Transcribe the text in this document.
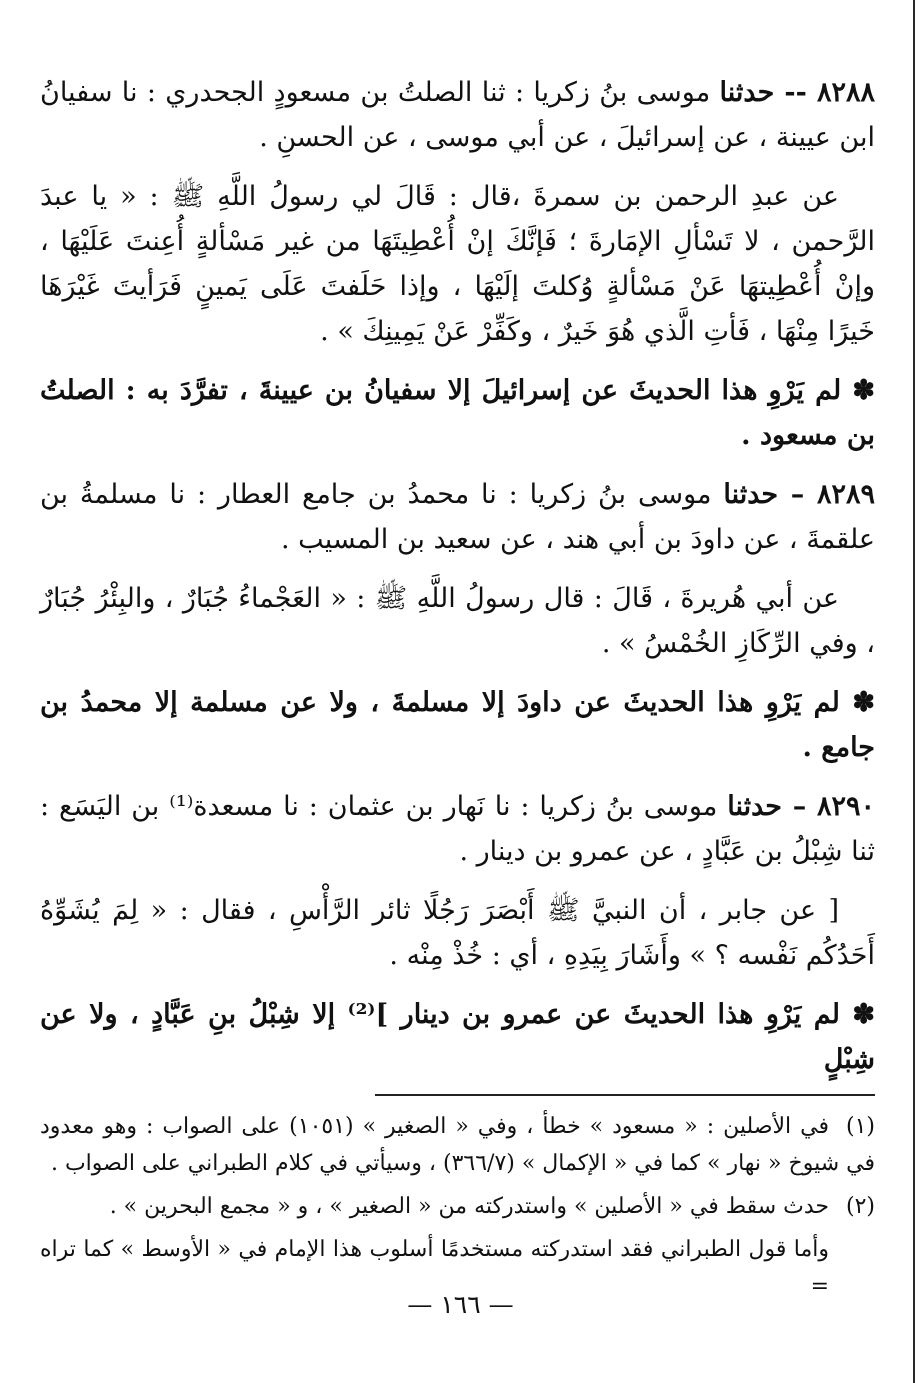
٨٢٨٨ -- حدثنا موسى بنُ زكريا : ثنا الصلتُ بن مسعودٍ الجحدري : نا سفيانُ ابن عيينة ، عن إسرائيلَ ، عن أبي موسى ، عن الحسنِ .

عن عبدِ الرحمن بن سمرةَ ،قال : قَالَ لي رسولُ اللَّهِ ﷺ : « يا عبدَ الرَّحمن ، لا تَسْألِ الإمَارةَ ؛ فَإنَّكَ إنْ أُعْطِيتَهَا من غير مَسْألةٍ أُعِنتَ عَلَيْهَا ، وإنْ أُعْطِيتهَا عَنْ مَسْألةٍ وُكلتَ إلَيْهَا ، وإذا حَلَفتَ عَلَى يَمينٍ فَرَأيتَ غَيْرَهَا خَيرًا مِنْهَا ، فَأتِ الَّذي هُوَ خَيرٌ ، وكَفِّرْ عَنْ يَمِينِكَ » .

✽ لم يَرْوِ هذا الحديثَ عن إسرائيلَ إلا سفيانُ بن عيينةَ ، تفرَّدَ به : الصلتُ بن مسعود .

٨٢٨٩ – حدثنا موسى بنُ زكريا : نا محمدُ بن جامع العطار : نا مسلمةُ بن علقمةَ ، عن داودَ بن أبي هند ، عن سعيد بن المسيب .

عن أبي هُريرةَ ، قَالَ : قال رسولُ اللَّهِ ﷺ : « العَجْماءُ جُبَارٌ ، والبِئْرُ جُبَارٌ ، وفي الرِّكَازِ الخُمْسُ » .

✽ لم يَرْوِ هذا الحديثَ عن داودَ إلا مسلمةَ ، ولا عن مسلمة إلا محمدُ بن جامع .

٨٢٩٠ – حدثنا موسى بنُ زكريا : نا نَهار بن عثمان : نا مسعدة⁽¹⁾ بن اليَسَع : ثنا شِبْلُ بن عَبَّادٍ ، عن عمرو بن دينار .

[ عن جابر ، أن النبيَّ ﷺ أَبْصَرَ رَجُلًا ثائر الرَّأْسِ ، فقال : « لِمَ يُشَوِّهُ أَحَدُكُم نَفْسه ؟ » وأَشَارَ بِيَدِهِ ، أي : خُذْ مِنْه .

✽ لم يَرْوِ هذا الحديثَ عن عمرو بن دينار ]⁽²⁾ إلا شِبْلُ بنِ عَبَّادٍ ، ولا عن شِبْلٍ

(١)في الأصلين : « مسعود » خطأ ، وفي « الصغير » (١٠٥١) على الصواب : وهو معدود في شيوخ « نهار » كما في « الإكمال » (٣٦٦/٧) ، وسيأتي في كلام الطبراني على الصواب .

(٢)حدث سقط في « الأصلين » واستدركته من « الصغير » ، و « مجمع البحرين » .

وأما قول الطبراني فقد استدركته مستخدمًا أسلوب هذا الإمام في « الأوسط » كما تراه =

— ١٦٦ —
